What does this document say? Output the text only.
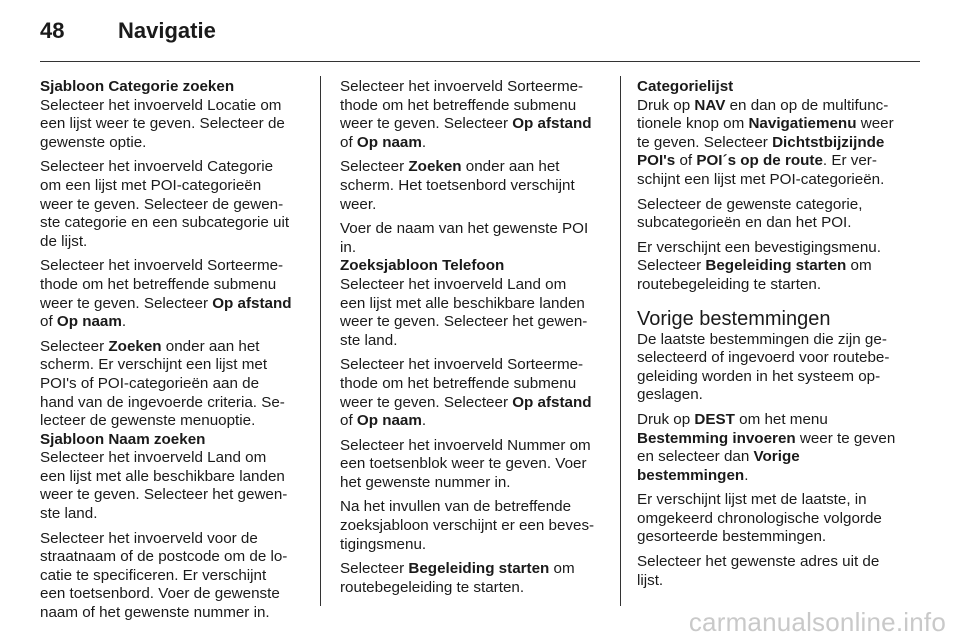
48 Navigatie
Sjabloon Categorie zoeken
Selecteer het invoerveld Locatie om
een lijst weer te geven. Selecteer de
gewenste optie.
Selecteer het invoerveld Categorie
om een lijst met POI-categorieën
weer te geven. Selecteer de gewen-
ste categorie en een subcategorie uit
de lijst.
Selecteer het invoerveld Sorteerme-
thode om het betreffende submenu
weer te geven. Selecteer Op afstand
of Op naam.
Selecteer Zoeken onder aan het
scherm. Er verschijnt een lijst met
POI's of POI-categorieën aan de
hand van de ingevoerde criteria. Se-
lecteer de gewenste menuoptie.
Sjabloon Naam zoeken
Selecteer het invoerveld Land om
een lijst met alle beschikbare landen
weer te geven. Selecteer het gewen-
ste land.
Selecteer het invoerveld voor de
straatnaam of de postcode om de lo-
catie te specificeren. Er verschijnt
een toetsenbord. Voer de gewenste
naam of het gewenste nummer in.
Selecteer het invoerveld Sorteerme-
thode om het betreffende submenu
weer te geven. Selecteer Op afstand
of Op naam.
Selecteer Zoeken onder aan het
scherm. Het toetsenbord verschijnt
weer.
Voer de naam van het gewenste POI
in.
Zoeksjabloon Telefoon
Selecteer het invoerveld Land om
een lijst met alle beschikbare landen
weer te geven. Selecteer het gewen-
ste land.
Selecteer het invoerveld Sorteerme-
thode om het betreffende submenu
weer te geven. Selecteer Op afstand
of Op naam.
Selecteer het invoerveld Nummer om
een toetsenblok weer te geven. Voer
het gewenste nummer in.
Na het invullen van de betreffende
zoeksjabloon verschijnt er een beves-
tigingsmenu.
Selecteer Begeleiding starten om
routebegeleiding te starten.
Categorielijst
Druk op NAV en dan op de multifunc-
tionele knop om Navigatiemenu weer
te geven. Selecteer Dichtstbijzijnde
POI's of POI´s op de route. Er ver-
schijnt een lijst met POI-categorieën.
Selecteer de gewenste categorie,
subcategorieën en dan het POI.
Er verschijnt een bevestigingsmenu.
Selecteer Begeleiding starten om
routebegeleiding te starten.
Vorige bestemmingen
De laatste bestemmingen die zijn ge-
selecteerd of ingevoerd voor routebe-
geleiding worden in het systeem op-
geslagen.
Druk op DEST om het menu
Bestemming invoeren weer te geven
en selecteer dan Vorige
bestemmingen.
Er verschijnt lijst met de laatste, in
omgekeerd chronologische volgorde
gesorteerde bestemmingen.
Selecteer het gewenste adres uit de
lijst.
carmanualsonline.info
